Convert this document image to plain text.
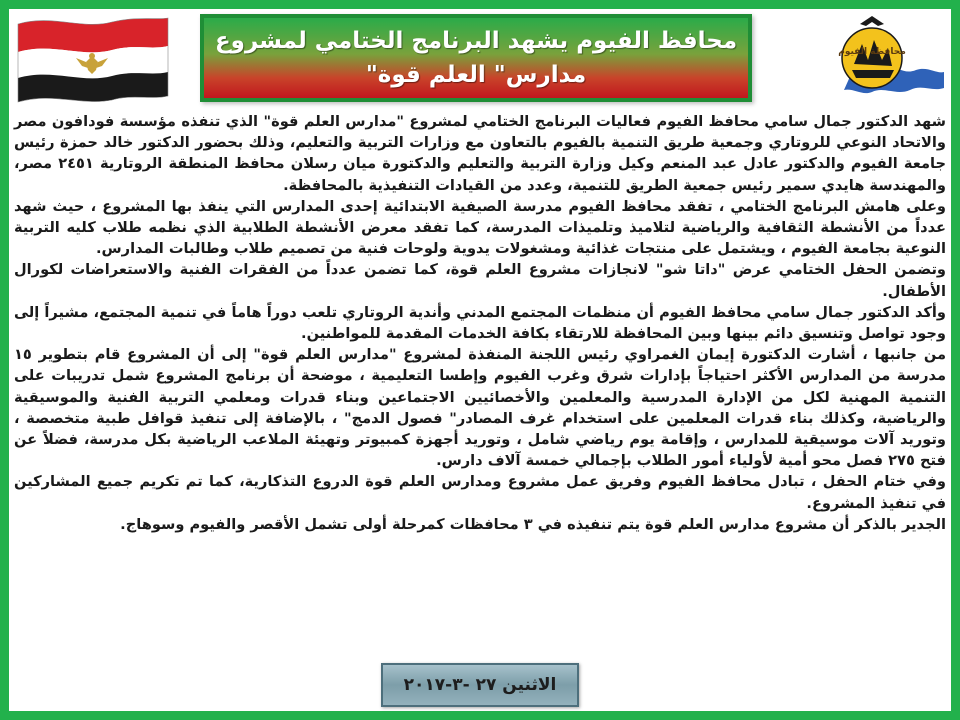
محافظ الفيوم يشهد البرنامج الختامي لمشروع
مدارس" العلم قوة"
محافظة الفيوم

شهد الدكتور جمال سامي محافظ الفيوم فعاليات البرنامج الختامي لمشروع "مدارس العلم قوة" الذي تنفذه مؤسسة فودافون مصر والاتحاد النوعي للروتاري وجمعية طريق التنمية بالفيوم بالتعاون مع وزارات التربية والتعليم، وذلك بحضور الدكتور خالد حمزة رئيس جامعة الفيوم والدكتور عادل عبد المنعم وكيل وزارة التربية والتعليم والدكتورة ميان رسلان محافظ المنطقة الروتارية ٢٤٥١ مصر، والمهندسة هايدي سمير رئيس جمعية الطريق للتنمية، وعدد من القيادات التنفيذية بالمحافظة.

وعلى هامش البرنامج الختامي ، تفقد محافظ الفيوم مدرسة الصيفية الابتدائية إحدى المدارس التي ينفذ بها المشروع ، حيث شهد عدداً من الأنشطة الثقافية والرياضية لتلاميذ وتلميذات المدرسة، كما تفقد معرض الأنشطة الطلابية الذي نظمه طلاب كليه التربية النوعية بجامعة الفيوم ، ويشتمل على منتجات غذائية ومشغولات يدوية ولوحات فنية من تصميم طلاب وطالبات المدارس.

وتضمن الحفل الختامي عرض "داتا شو" لانجازات مشروع العلم قوة، كما تضمن عدداً من الفقرات الفنية والاستعراضات لكورال الأطفال.

وأكد الدكتور جمال سامي محافظ الفيوم أن منظمات المجتمع المدني وأندية الروتاري تلعب دوراً هاماً في تنمية المجتمع، مشيراً إلى وجود تواصل وتنسيق دائم بينها وبين المحافظة للارتقاء بكافة الخدمات المقدمة للمواطنين.

من جانبها ، أشارت الدكتورة إيمان الغمراوي رئيس اللجنة المنفذة لمشروع "مدارس العلم قوة" إلى أن المشروع قام بتطوير ١٥ مدرسة من المدارس الأكثر احتياجاً بإدارات شرق وغرب الفيوم وإطسا التعليمية ، موضحة أن برنامج المشروع شمل تدريبات على التنمية المهنية لكل من الإدارة المدرسية والمعلمين والأخصائيين الاجتماعين وبناء قدرات ومعلمي التربية الفنية والموسيقية والرياضية، وكذلك بناء قدرات المعلمين على استخدام غرف المصادر" فصول الدمج" ، بالإضافة إلى تنفيذ قوافل طبية متخصصة ، وتوريد آلات موسيقية للمدارس ، وإقامة يوم رياضي شامل ، وتوريد أجهزة كمبيوتر وتهيئة الملاعب الرياضية بكل مدرسة، فضلاً عن فتح ٢٧٥ فصل محو أمية لأولياء أمور الطلاب بإجمالي خمسة آلاف دارس.

وفي ختام الحفل ، تبادل محافظ الفيوم وفريق عمل مشروع ومدارس العلم قوة الدروع التذكارية، كما تم تكريم جميع المشاركين في تنفيذ المشروع.

الجدير بالذكر أن مشروع مدارس العلم قوة يتم تنفيذه في ٣ محافظات كمرحلة أولى تشمل الأقصر والفيوم وسوهاج.

الاثنين ٢٧ -٣-٢٠١٧
